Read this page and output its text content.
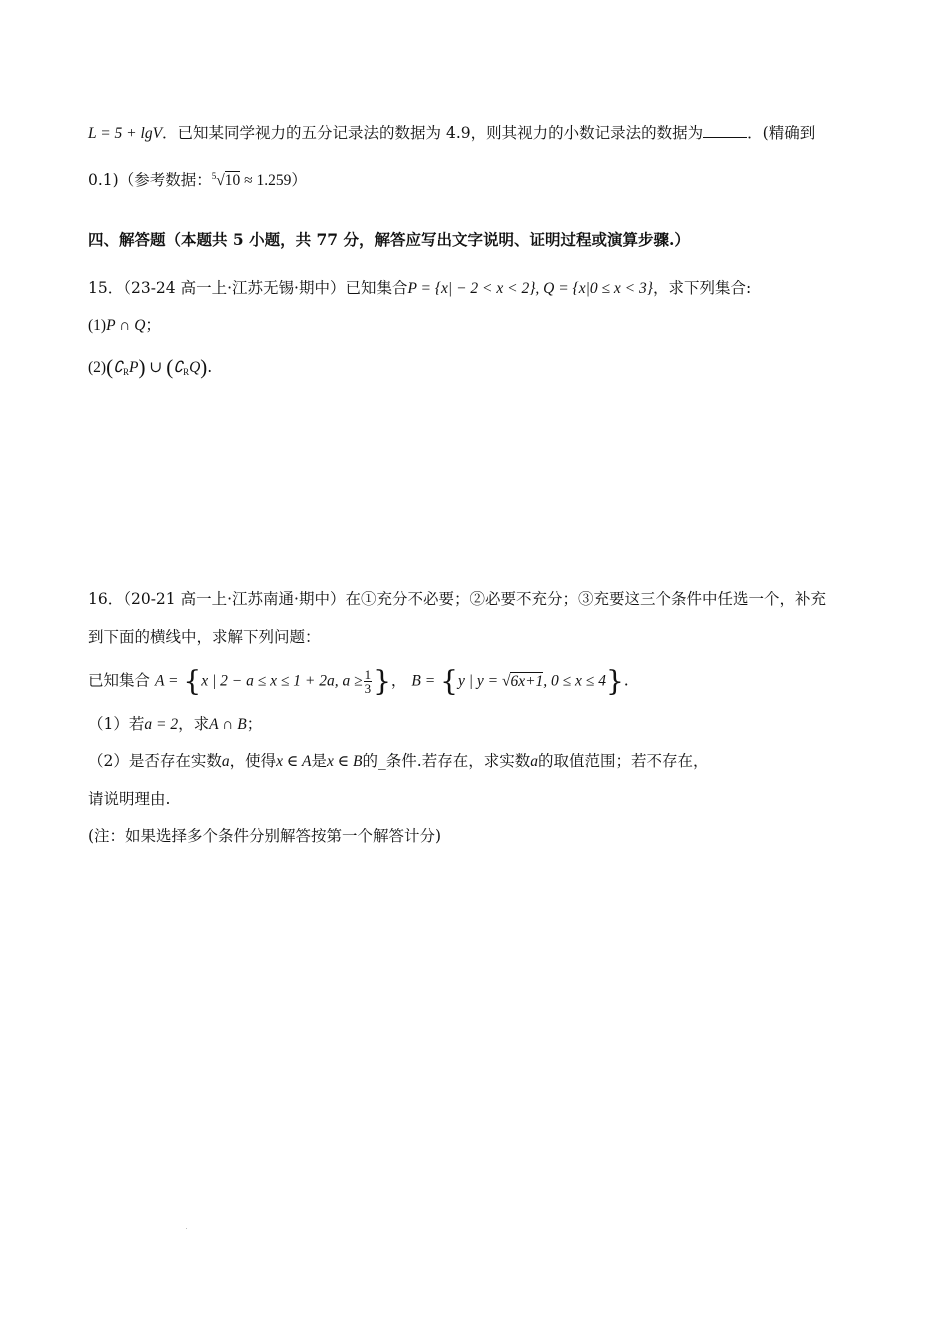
L = 5 + lgV．已知某同学视力的五分记录法的数据为 4.9，则其视力的小数记录法的数据为	．(精确到
0.1)（参考数据：$^5$√10 ≈ 1.259）
四、解答题（本题共 5 小题，共 77 分，解答应写出文字说明、证明过程或演算步骤.）
15．（23-24 高一上·江苏无锡·期中）已知集合P = {x| − 2 < x < 2}, Q = {x|0 ≤ x < 3}，求下列集合:
(1)P ∩ Q；
$(2)(∁_RP)$ ∪ $(∁_RQ)$.
16．（20-21 高一上·江苏南通·期中）在①充分不必要；②必要不充分；③充要这三个条件中任选一个，补充
到下面的横线中，求解下列问题：
已知集合 A = {x | 2 − a ≤ x ≤ 1 + 2a, $a \ge \frac{1}{3}$ }， B = {y | y = √6x+1, 0 ≤ x ≤ 4}.
（1）若a = 2，求A ∩ B；
（2）是否存在实数a，使得x ∈ A是x ∈ B的_条件.若存在，求实数a的取值范围；若不存在，
请说明理由.
(注：如果选择多个条件分别解答按第一个解答计分)
